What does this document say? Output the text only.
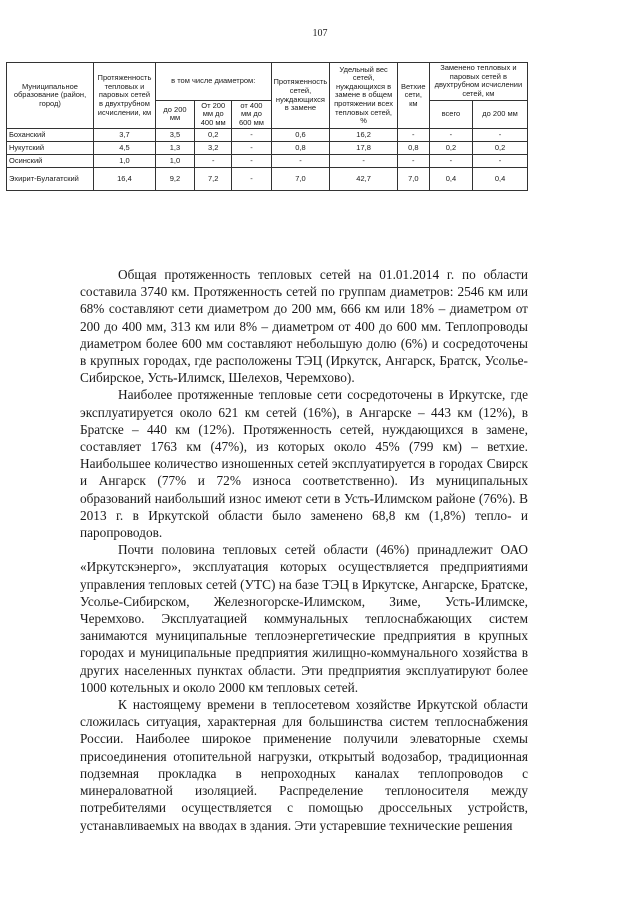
107
Муниципальное образование (район, город)	Протяженность тепловых и паровых сетей в двухтрубном исчислении, км	в том числе диаметром:			Протяженность сетей, нуждающихся в замене	Удельный вес сетей, нуждающихся в замене в общем протяжении всех тепловых сетей, %	Ветхие сети, км	Заменено тепловых и паровых сетей в двухтрубном исчислении сетей, км	
		до 200 мм	От 200 мм до 400 мм	от 400 мм до 600 мм				всего	до 200 мм
Боханский	3,7	3,5	0,2	-	0,6	16,2	-	-	-
Нукутский	4,5	1,3	3,2	-	0,8	17,8	0,8	0,2	0,2
Осинский	1,0	1,0	-	-	-	-	-	-	-
Эхирит-Булагатский	16,4	9,2	7,2	-	7,0	42,7	7,0	0,4	0,4

Общая протяженность тепловых сетей на 01.01.2014 г. по области составила 3740 км. Протяженность сетей по группам диаметров: 2546 км или 68% составляют сети диаметром до 200 мм, 666 км или 18% – диаметром от 200 до 400 мм, 313 км или 8% – диаметром от 400 до 600 мм. Теплопроводы диаметром более 600 мм составляют небольшую долю (6%) и сосредоточены в крупных городах, где расположены ТЭЦ (Иркутск, Ангарск, Братск, Усолье-Сибирское, Усть-Илимск, Шелехов, Черемхово).

Наиболее протяженные тепловые сети сосредоточены в Иркутске, где эксплуатируется около 621 км сетей (16%), в Ангарске – 443 км (12%), в Братске – 440 км (12%). Протяженность сетей, нуждающихся в замене, составляет 1763 км (47%), из которых около 45% (799 км) – ветхие. Наибольшее количество изношенных сетей эксплуатируется в городах Свирск и Ангарск (77% и 72% износа соответственно). Из муниципальных образований наибольший износ имеют сети в Усть-Илимском районе (76%). В 2013 г. в Иркутской области было заменено 68,8 км (1,8%) тепло- и паропроводов.

Почти половина тепловых сетей области (46%) принадлежит ОАО «Иркутскэнерго», эксплуатация которых осуществляется предприятиями управления тепловых сетей (УТС) на базе ТЭЦ в Иркутске, Ангарске, Братске, Усолье-Сибирском, Железногорске-Илимском, Зиме, Усть-Илимске, Черемхово. Эксплуатацией коммунальных теплоснабжающих систем занимаются муниципальные теплоэнергетические предприятия в крупных городах и муниципальные предприятия жилищно-коммунального хозяйства в других населенных пунктах области. Эти предприятия эксплуатируют более 1000 котельных и около 2000 км тепловых сетей.

К настоящему времени в теплосетевом хозяйстве Иркутской области сложилась ситуация, характерная для большинства систем теплоснабжения России. Наиболее широкое применение получили элеваторные схемы присоединения отопительной нагрузки, открытый водозабор, традиционная подземная прокладка в непроходных каналах теплопроводов с минераловатной изоляцией. Распределение теплоносителя между потребителями осуществляется с помощью дроссельных устройств, устанавливаемых на вводах в здания. Эти устаревшие технические решения
